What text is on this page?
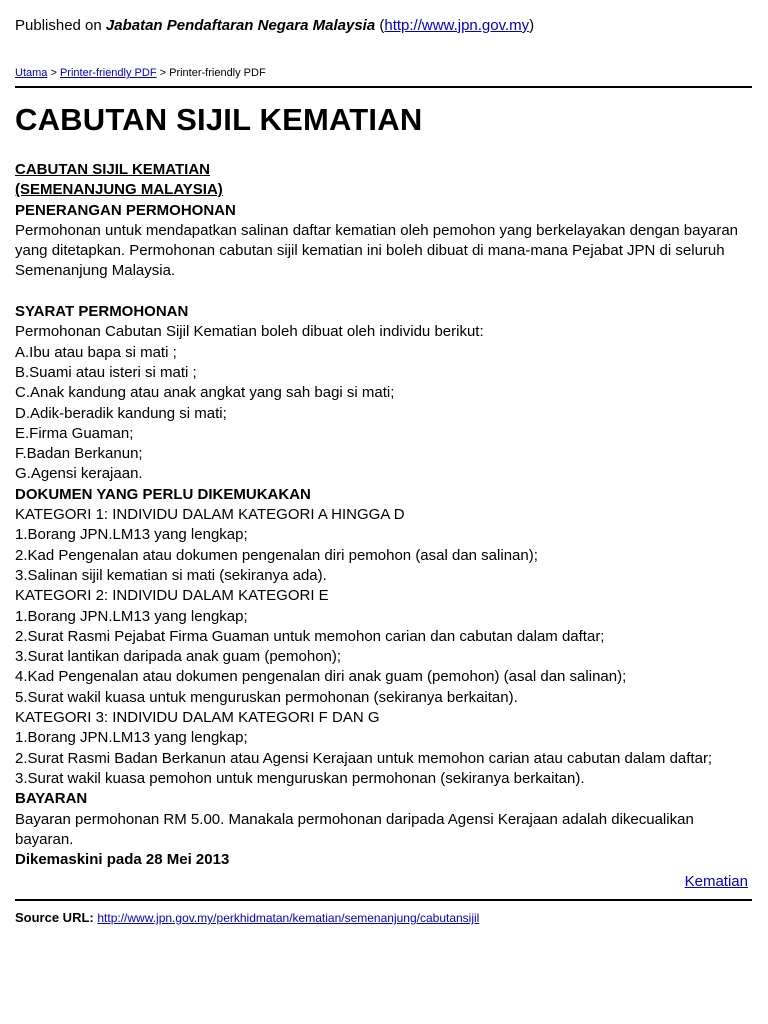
Published on Jabatan Pendaftaran Negara Malaysia (http://www.jpn.gov.my)
Utama > Printer-friendly PDF > Printer-friendly PDF
CABUTAN SIJIL KEMATIAN
CABUTAN SIJIL KEMATIAN
(SEMENANJUNG MALAYSIA)
PENERANGAN PERMOHONAN
Permohonan untuk mendapatkan salinan daftar kematian oleh pemohon yang berkelayakan dengan bayaran yang ditetapkan. Permohonan cabutan sijil kematian ini boleh dibuat di mana-mana Pejabat JPN di seluruh Semenanjung Malaysia.
SYARAT PERMOHONAN
Permohonan Cabutan Sijil Kematian boleh dibuat oleh individu berikut:
A.Ibu atau bapa si mati ;
B.Suami atau isteri si mati ;
C.Anak kandung atau anak angkat yang sah bagi si mati;
D.Adik-beradik kandung si mati;
E.Firma Guaman;
F.Badan Berkanun;
G.Agensi kerajaan.
DOKUMEN YANG PERLU DIKEMUKAKAN
KATEGORI 1: INDIVIDU DALAM KATEGORI A HINGGA D
1.Borang JPN.LM13 yang lengkap;
2.Kad Pengenalan atau dokumen pengenalan diri pemohon (asal dan salinan);
3.Salinan sijil kematian si mati (sekiranya ada).
KATEGORI 2: INDIVIDU DALAM KATEGORI E
1.Borang JPN.LM13 yang lengkap;
2.Surat Rasmi Pejabat Firma Guaman untuk memohon carian dan cabutan dalam daftar;
3.Surat lantikan daripada anak guam (pemohon);
4.Kad Pengenalan atau dokumen pengenalan diri anak guam (pemohon) (asal dan salinan);
5.Surat wakil kuasa untuk menguruskan permohonan (sekiranya berkaitan).
KATEGORI 3: INDIVIDU DALAM KATEGORI F DAN G
1.Borang JPN.LM13 yang lengkap;
2.Surat Rasmi Badan Berkanun atau Agensi Kerajaan untuk memohon carian atau cabutan dalam daftar;
3.Surat wakil kuasa pemohon untuk menguruskan permohonan (sekiranya berkaitan).
BAYARAN
Bayaran permohonan RM 5.00. Manakala permohonan daripada Agensi Kerajaan adalah dikecualikan bayaran.
Dikemaskini pada 28 Mei 2013
Kematian
Source URL: http://www.jpn.gov.my/perkhidmatan/kematian/semenanjung/cabutansijil
